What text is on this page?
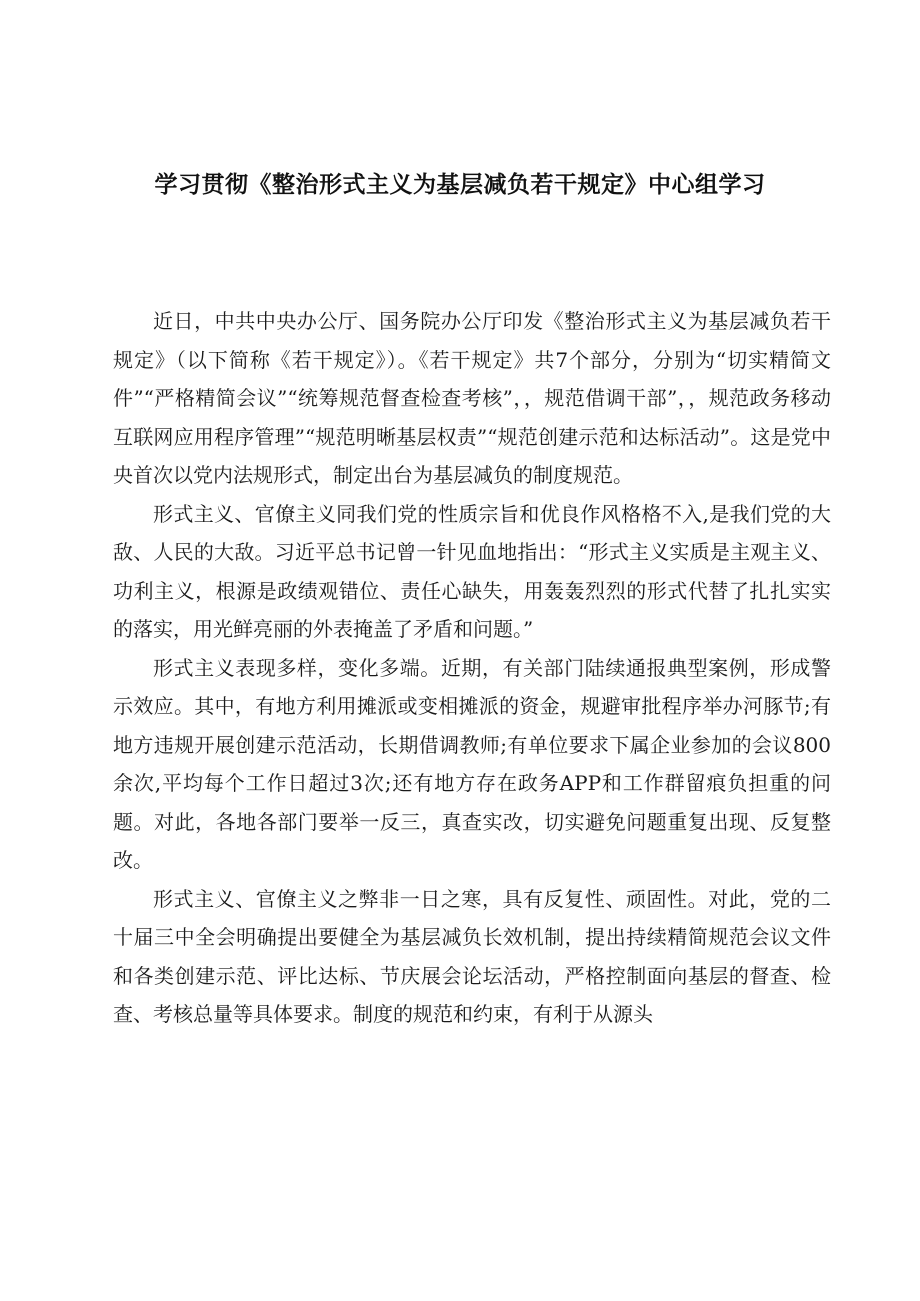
学习贯彻《整治形式主义为基层减负若干规定》中心组学习

近日，中共中央办公厅、国务院办公厅印发《整治形式主义为基层减负若干规定》（以下简称《若干规定》）。《若干规定》共7个部分，分别为“切实精简文件”“严格精简会议”“统筹规范督查检查考核”，，规范借调干部”，，规范政务移动互联网应用程序管理”“规范明晰基层权责”“规范创建示范和达标活动”。这是党中央首次以党内法规形式，制定出台为基层减负的制度规范。

形式主义、官僚主义同我们党的性质宗旨和优良作风格格不入,是我们党的大敌、人民的大敌。习近平总书记曾一针见血地指出：“形式主义实质是主观主义、功利主义，根源是政绩观错位、责任心缺失，用轰轰烈烈的形式代替了扎扎实实的落实，用光鲜亮丽的外表掩盖了矛盾和问题。”

形式主义表现多样，变化多端。近期，有关部门陆续通报典型案例，形成警示效应。其中，有地方利用摊派或变相摊派的资金，规避审批程序举办河豚节;有地方违规开展创建示范活动，长期借调教师;有单位要求下属企业参加的会议800余次,平均每个工作日超过3次;还有地方存在政务APP和工作群留痕负担重的问题。对此，各地各部门要举一反三，真查实改，切实避免问题重复出现、反复整改。

形式主义、官僚主义之弊非一日之寒，具有反复性、顽固性。对此，党的二十届三中全会明确提出要健全为基层减负长效机制，提出持续精简规范会议文件和各类创建示范、评比达标、节庆展会论坛活动，严格控制面向基层的督查、检查、考核总量等具体要求。制度的规范和约束，有利于从源头
